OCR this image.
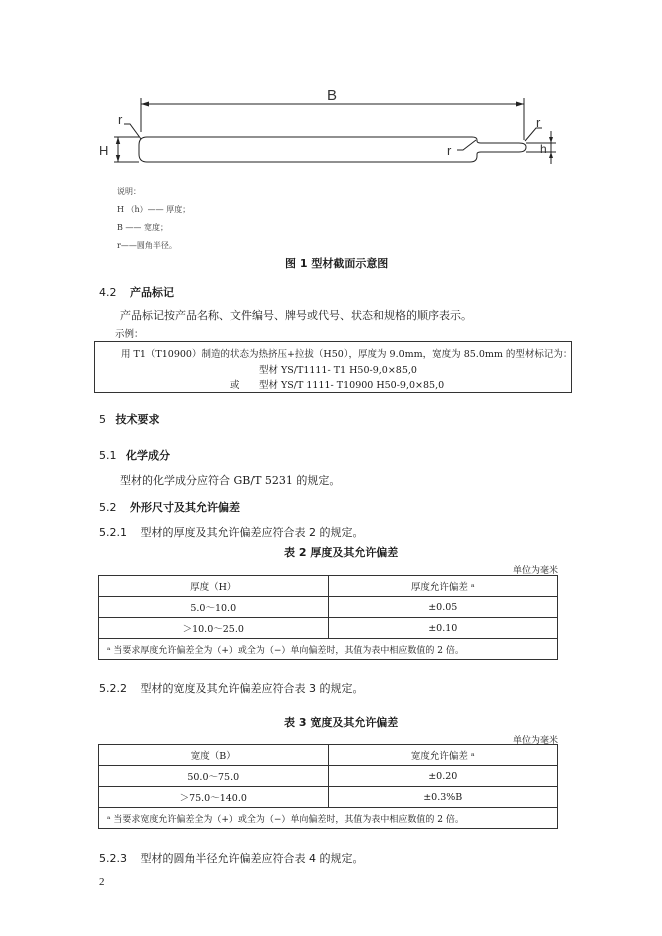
B
H	h
r
r
r
说明：
H （h）—— 厚度；
B —— 宽度；
r——圆角半径。
图 1 型材截面示意图
4.2 产品标记
产品标记按产品名称、文件编号、牌号或代号、状态和规格的顺序表示。
示例：
用 T1（T10900）制造的状态为热挤压+拉拔（H50），厚度为 9.0mm，宽度为 85.0mm 的型材标记为：
型材 YS/T1111- T1 H50-9,0×85,0
或 型材 YS/T 1111- T10900 H50-9,0×85,0
5 技术要求
5.1 化学成分
型材的化学成分应符合 GB/T 5231 的规定。
5.2 外形尺寸及其允许偏差
5.2.1 型材的厚度及其允许偏差应符合表 2 的规定。
表 2 厚度及其允许偏差
单位为毫米
厚度（H）	厚度允许偏差 ᵃ
5.0～10.0	±0.05
＞10.0～25.0	±0.10
ᵃ 当要求厚度允许偏差全为（+）或全为（−）单向偏差时，其值为表中相应数值的 2 倍。	
5.2.2 型材的宽度及其允许偏差应符合表 3 的规定。
表 3 宽度及其允许偏差
单位为毫米
宽度（B）	宽度允许偏差 ᵃ
50.0～75.0	±0.20
＞75.0～140.0	±0.3%B
ᵃ 当要求宽度允许偏差全为（+）或全为（−）单向偏差时，其值为表中相应数值的 2 倍。	
5.2.3 型材的圆角半径允许偏差应符合表 4 的规定。
2
